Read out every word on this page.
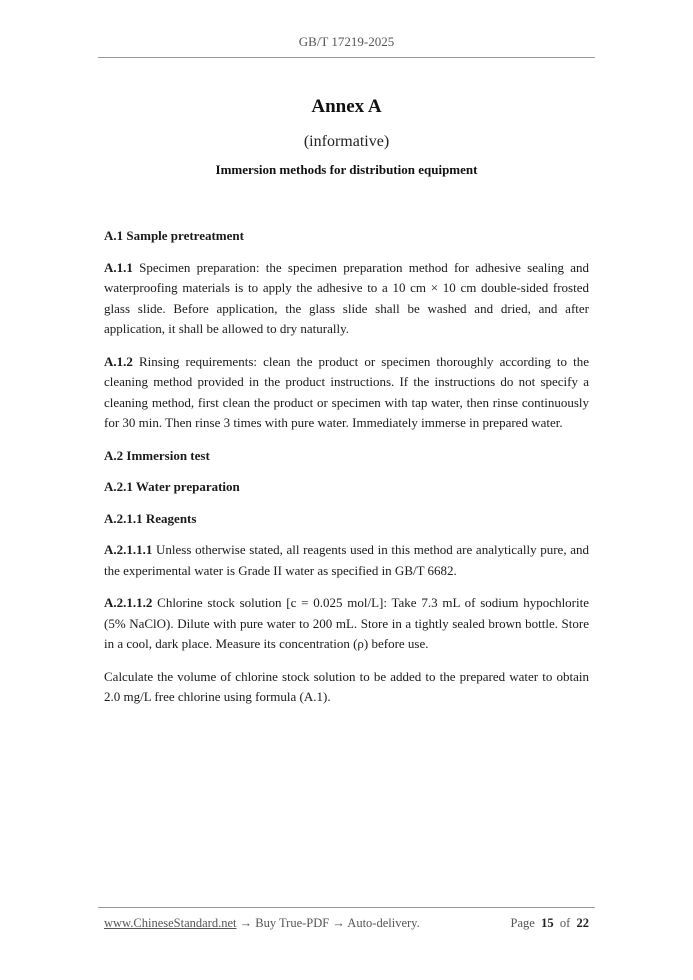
GB/T 17219-2025
Annex A
(informative)
Immersion methods for distribution equipment

A.1 Sample pretreatment

A.1.1 Specimen preparation: the specimen preparation method for adhesive sealing and waterproofing materials is to apply the adhesive to a 10 cm × 10 cm double-sided frosted glass slide. Before application, the glass slide shall be washed and dried, and after application, it shall be allowed to dry naturally.

A.1.2 Rinsing requirements: clean the product or specimen thoroughly according to the cleaning method provided in the product instructions. If the instructions do not specify a cleaning method, first clean the product or specimen with tap water, then rinse continuously for 30 min. Then rinse 3 times with pure water. Immediately immerse in prepared water.

A.2 Immersion test

A.2.1 Water preparation

A.2.1.1 Reagents

A.2.1.1.1 Unless otherwise stated, all reagents used in this method are analytically pure, and the experimental water is Grade II water as specified in GB/T 6682.

A.2.1.1.2 Chlorine stock solution [c = 0.025 mol/L]: Take 7.3 mL of sodium hypochlorite (5% NaClO). Dilute with pure water to 200 mL. Store in a tightly sealed brown bottle. Store in a cool, dark place. Measure its concentration (ρ) before use.

Calculate the volume of chlorine stock solution to be added to the prepared water to obtain 2.0 mg/L free chlorine using formula (A.1).

www.ChineseStandard.net → Buy True-PDF → Auto-delivery.	Page 15 of 22
